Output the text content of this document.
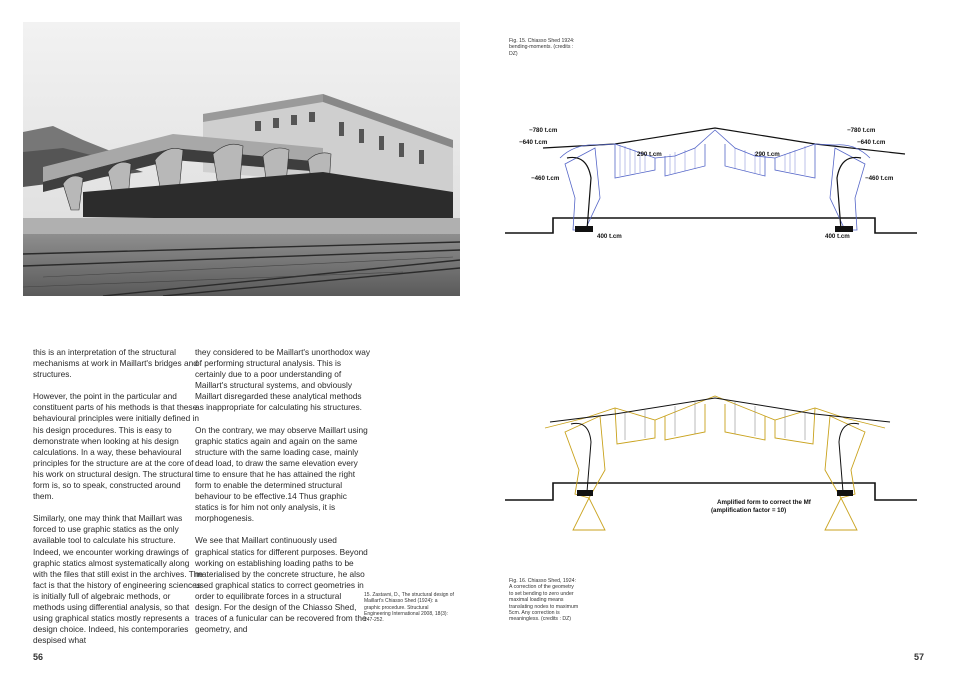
this is an interpretation of the structural mechanisms at work in Maillart's bridges and structures.

However, the point in the particular and constituent parts of his methods is that these behavioural principles were initially defined in his design procedures. This is easy to demonstrate when looking at his design calculations. In a way, these behavioural principles for the structure are at the core of his work on structural design. The structural form is, so to speak, constructed around them.

Similarly, one may think that Maillart was forced to use graphic statics as the only available tool to calculate his structure. Indeed, we encounter working drawings of graphic statics almost systematically along with the files that still exist in the archives. The fact is that the history of engineering sciences is initially full of algebraic methods, or methods using differential analysis, so that using graphical statics mostly represents a design choice. Indeed, his contemporaries despised what

they considered to be Maillart's unorthodox way of performing structural analysis. This is certainly due to a poor understanding of Maillart's structural systems, and obviously Maillart disregarded these analytical methods as inappropriate for calculating his structures.

On the contrary, we may observe Maillart using graphic statics again and again on the same structure with the same loading case, mainly dead load, to draw the same elevation every time to ensure that he has attained the right form to enable the determined structural behaviour to be effective.14 Thus graphic statics is for him not only analysis, it is morphogenesis.

We see that Maillart continuously used graphical statics for different purposes. Beyond working on establishing loading paths to be materialised by the concrete structure, he also used graphical statics to correct geometries in order to equilibrate forces in a structural design. For the design of the Chiasso Shed, traces of a funicular can be recovered from the geometry, and

15. Zastavni, D., The structural design of Maillart's Chiasso Shed (1924): a graphic procedure. Structural Engineering International 2008, 18(3): 247-252.
56
Fig. 15. Chiasso Shed 1924: bending-moments. (credits : DZ)
−780 t.cm
−640 t.cm
−460 t.cm
290 t.cm	290 t.cm
−780 t.cm
−640 t.cm
−460 t.cm
400 t.cm	400 t.cm
Amplified form to correct the Mf
(amplification factor = 10)
Fig. 16. Chiasso Shed, 1924: A correction of the geometry to set bending to zero under maximal loading means translating nodes to maximum 5cm. Any correction is meaningless. (credits : DZ)
57
